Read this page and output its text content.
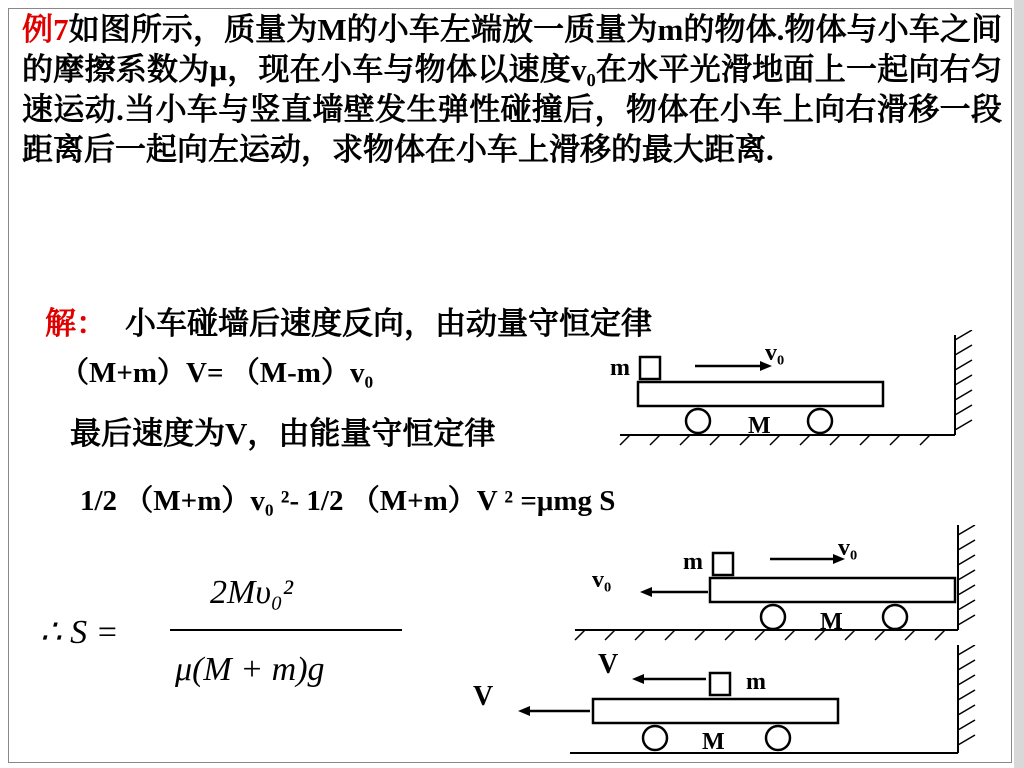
例7如图所示，质量为M的小车左端放一质量为m的物体.物体与小车之间的摩擦系数为μ，现在小车与物体以速度v₀在水平光滑地面上一起向右匀速运动.当小车与竖直墙壁发生弹性碰撞后，物体在小车上向右滑移一段距离后一起向左运动，求物体在小车上滑移的最大距离.
解： 小车碰墙后速度反向，由动量守恒定律
（M+m）V= （M-m）v₀
最后速度为V，由能量守恒定律
1/2 （M+m）v₀ ²- 1/2 （M+m）V ² =μmg S
∴ S =
2Mυ₀²
μ(M + m)g
m
M
v₀
m
M
v₀
v₀
m
M
V
V
